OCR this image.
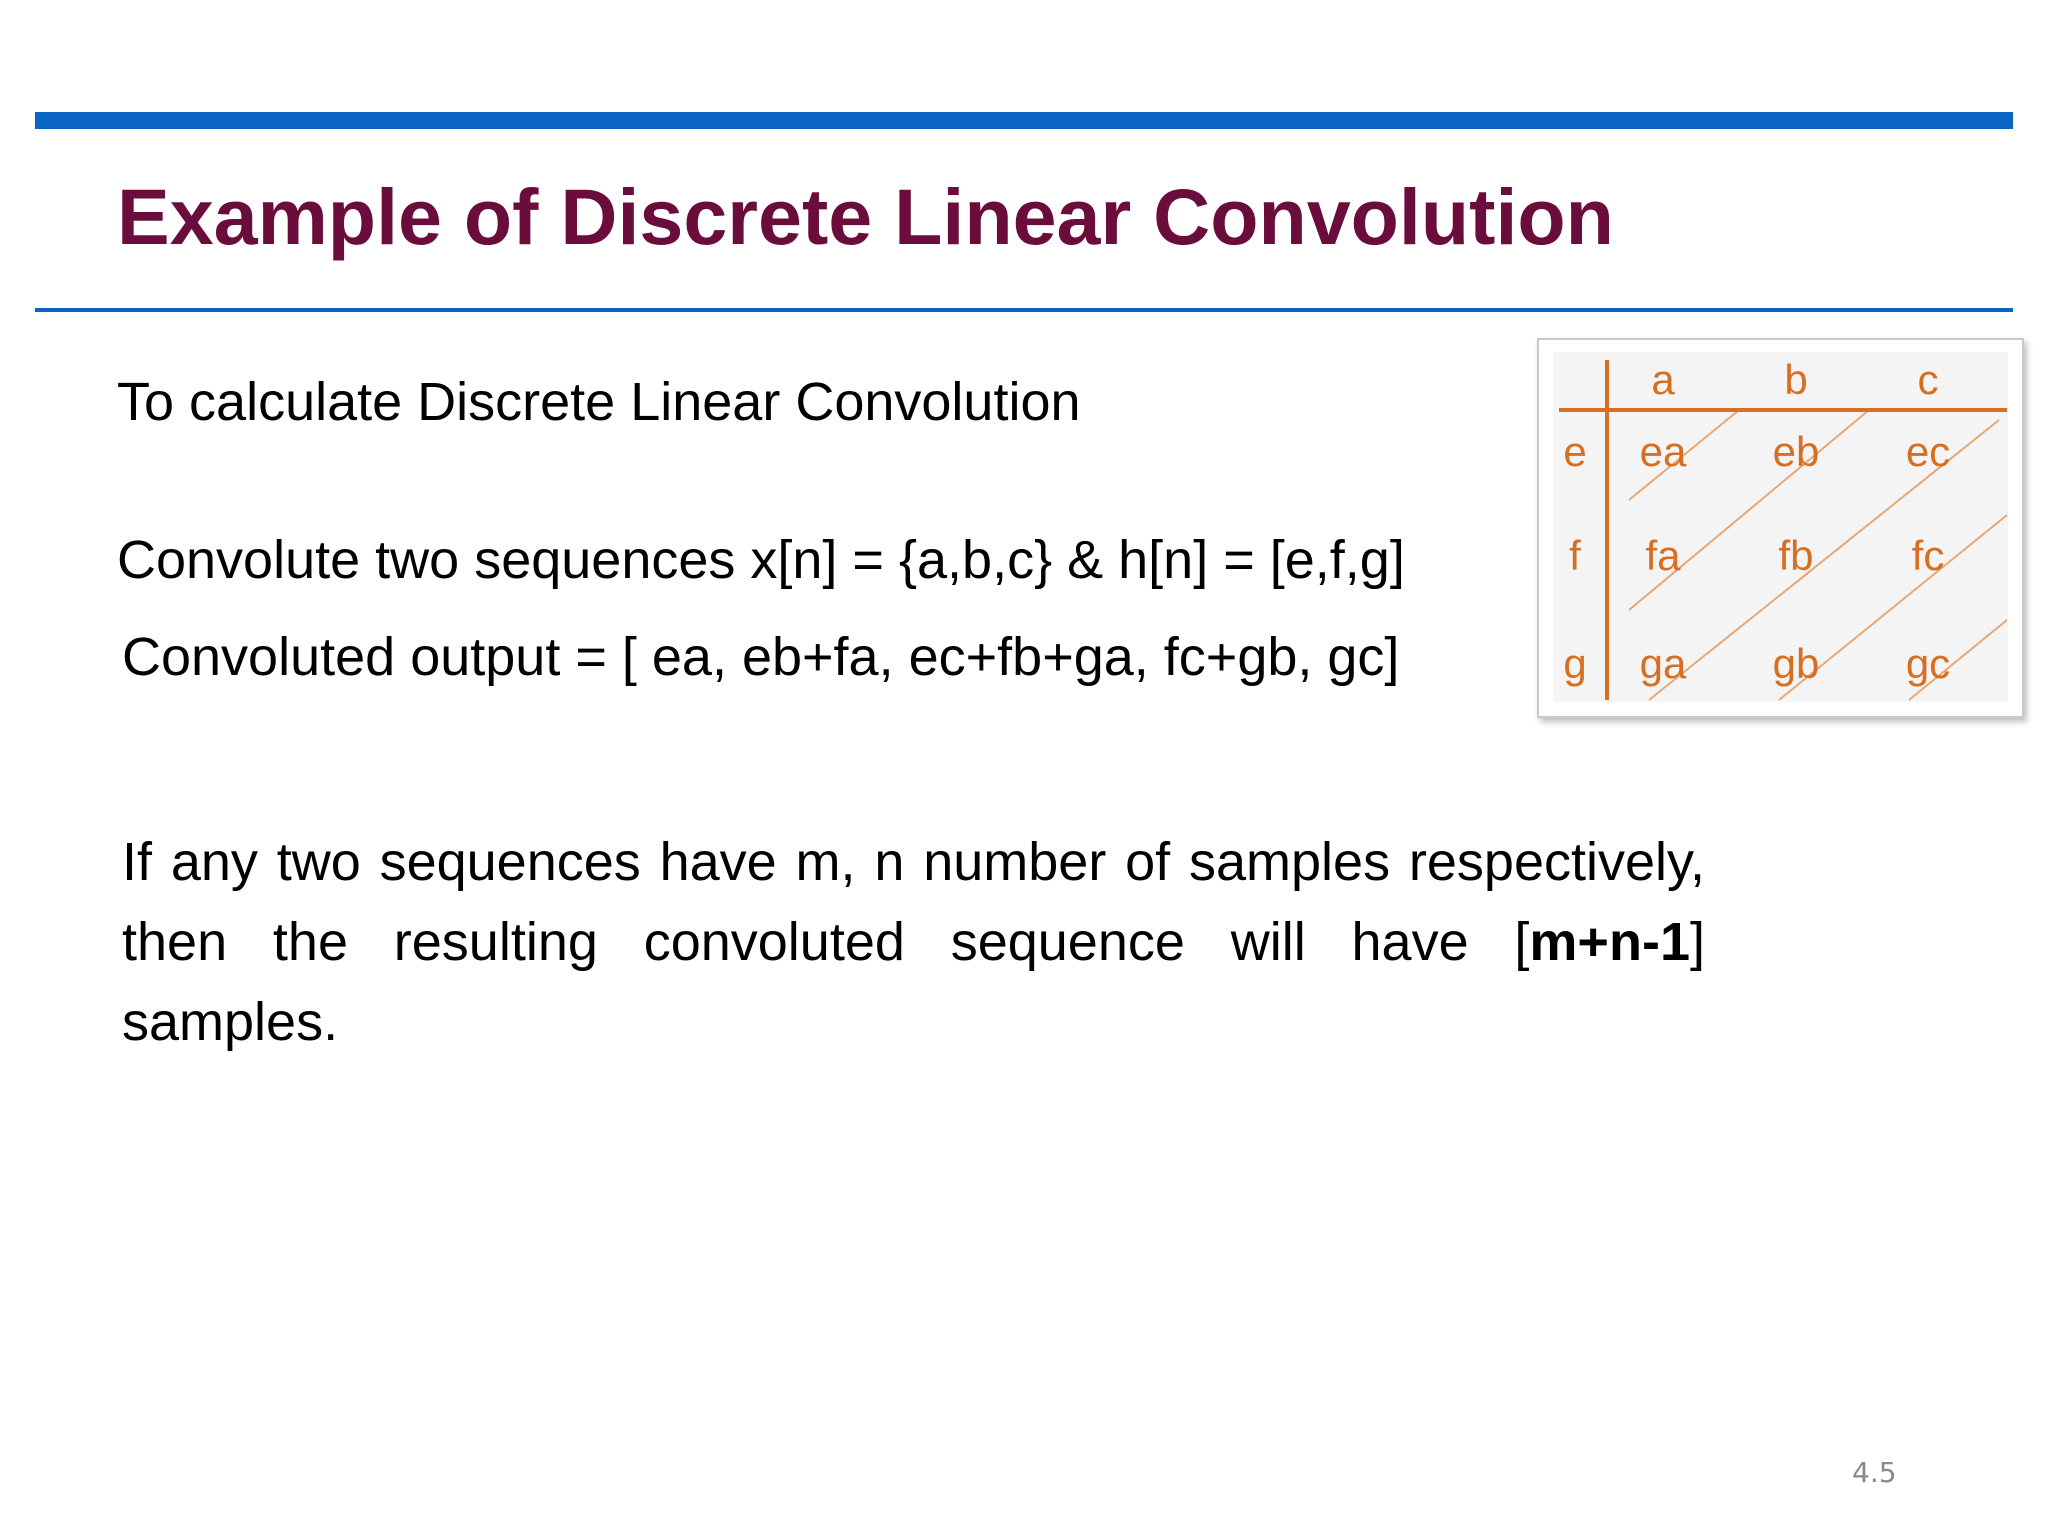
Example of Discrete Linear Convolution

To calculate Discrete Linear Convolution

Convolute two sequences x[n] = {a,b,c} & h[n] = [e,f,g]

Convoluted output = [ ea, eb+fa, ec+fb+ga, fc+gb, gc]

If any two sequences have m, n number of samples respectively, then the resulting convoluted sequence will have [m+n-1] samples.

a	b	c
e
f
g
ea eb ec
fa fb fc
ga gb gc
4.5
